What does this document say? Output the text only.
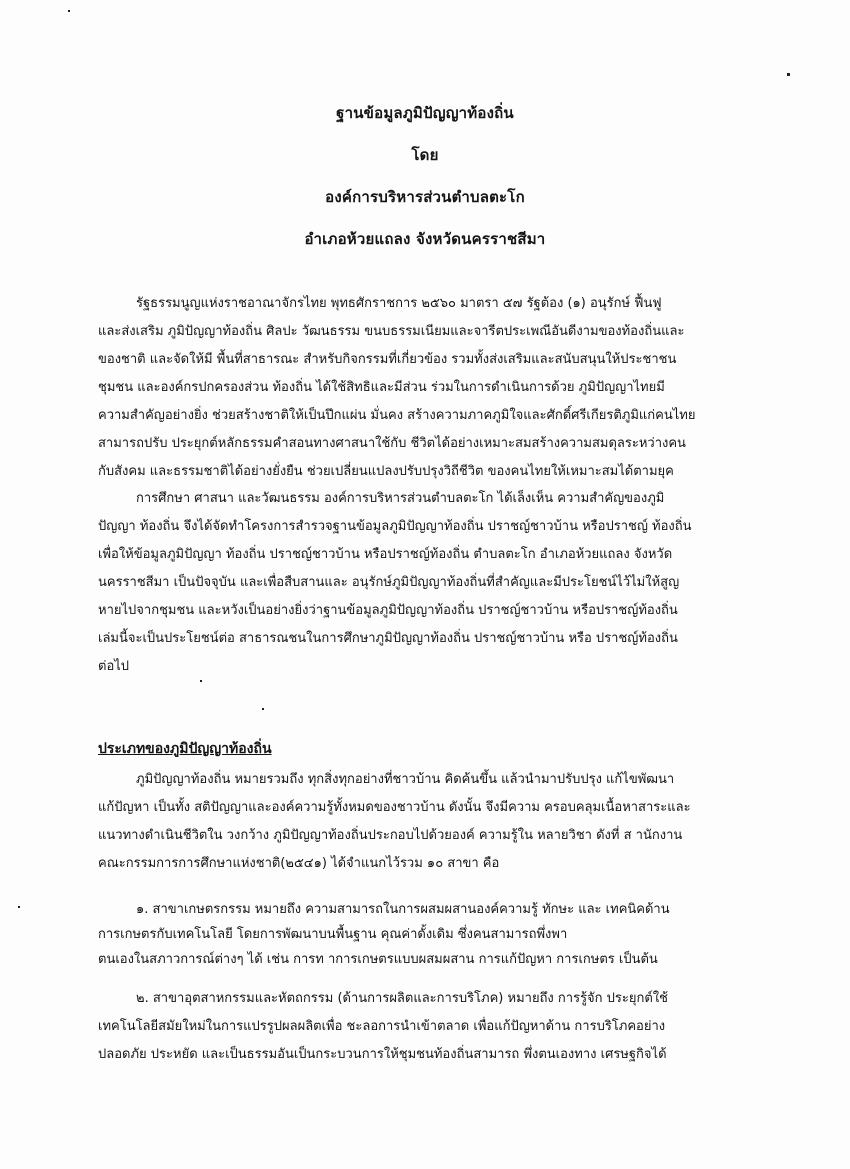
ฐานข้อมูลภูมิปัญญาท้องถิ่น
โดย
องค์การบริหารส่วนตำบลตะโก
อำเภอห้วยแถลง จังหวัดนครราชสีมา
รัฐธรรมนูญแห่งราชอาณาจักรไทย พุทธศักราชการ ๒๕๖๐ มาตรา ๕๗ รัฐต้อง (๑) อนุรักษ์ ฟื้นฟู
และส่งเสริม ภูมิปัญญาท้องถิ่น ศิลปะ วัฒนธรรม ขนบธรรมเนียมและจารีตประเพณีอันดีงามของท้องถิ่นและ
ของชาติ และจัดให้มี พื้นที่สาธารณะ สำหรับกิจกรรมที่เกี่ยวข้อง รวมทั้งส่งเสริมและสนับสนุนให้ประชาชน
ชุมชน และองค์กรปกครองส่วน ท้องถิ่น ได้ใช้สิทธิและมีส่วน ร่วมในการดำเนินการด้วย ภูมิปัญญาไทยมี
ความสำคัญอย่างยิ่ง ช่วยสร้างชาติให้เป็นปึกแผ่น มั่นคง สร้างความภาคภูมิใจและศักดิ์ศรีเกียรติภูมิแก่คนไทย
สามารถปรับ ประยุกต์หลักธรรมคำสอนทางศาสนาใช้กับ ชีวิตได้อย่างเหมาะสมสร้างความสมดุลระหว่างคน
กับสังคม และธรรมชาติได้อย่างยั่งยืน ช่วยเปลี่ยนแปลงปรับปรุงวิถีชีวิต ของคนไทยให้เหมาะสมได้ตามยุค
การศึกษา ศาสนา และวัฒนธรรม องค์การบริหารส่วนตำบลตะโก ได้เล็งเห็น ความสำคัญของภูมิ
ปัญญา ท้องถิ่น จึงได้จัดทำโครงการสำรวจฐานข้อมูลภูมิปัญญาท้องถิ่น ปราชญ์ชาวบ้าน หรือปราชญ์ ท้องถิ่น
เพื่อให้ข้อมูลภูมิปัญญา ท้องถิ่น ปราชญ์ชาวบ้าน หรือปราชญ์ท้องถิ่น ตำบลตะโก อำเภอห้วยแถลง จังหวัด
นครราชสีมา เป็นปัจจุบัน และเพื่อสืบสานและ อนุรักษ์ภูมิปัญญาท้องถิ่นที่สำคัญและมีประโยชน์ไว้ไม่ให้สูญ
หายไปจากชุมชน และหวังเป็นอย่างยิ่งว่าฐานข้อมูลภูมิปัญญาท้องถิ่น ปราชญ์ชาวบ้าน หรือปราชญ์ท้องถิ่น
เล่มนี้จะเป็นประโยชน์ต่อ สาธารณชนในการศึกษาภูมิปัญญาท้องถิ่น ปราชญ์ชาวบ้าน หรือ ปราชญ์ท้องถิ่น
ต่อไป
ประเภทของภูมิปัญญาท้องถิ่น
ภูมิปัญญาท้องถิ่น หมายรวมถึง ทุกสิ่งทุกอย่างที่ชาวบ้าน คิดค้นขึ้น แล้วนำมาปรับปรุง แก้ไขพัฒนา
แก้ปัญหา เป็นทั้ง สติปัญญาและองค์ความรู้ทั้งหมดของชาวบ้าน ดังนั้น จึงมีความ ครอบคลุมเนื้อหาสาระและ
แนวทางดำเนินชีวิตใน วงกว้าง ภูมิปัญญาท้องถิ่นประกอบไปด้วยองค์ ความรู้ใน หลายวิชา ดังที่ ส านักงาน
คณะกรรมการการศึกษาแห่งชาติ(๒๕๔๑) ได้จำแนกไว้รวม ๑๐ สาขา คือ
๑. สาขาเกษตรกรรม หมายถึง ความสามารถในการผสมผสานองค์ความรู้ ทักษะ และ เทคนิคด้าน
การเกษตรกับเทคโนโลยี โดยการพัฒนาบนพื้นฐาน คุณค่าดั้งเดิม ซึ่งคนสามารถพึ่งพา
ตนเองในสภาวการณ์ต่างๆ ได้ เช่น การท าการเกษตรแบบผสมผสาน การแก้ปัญหา การเกษตร เป็นต้น
๒. สาขาอุตสาหกรรมและหัตถกรรม (ด้านการผลิตและการบริโภค) หมายถึง การรู้จัก ประยุกต์ใช้
เทคโนโลยีสมัยใหม่ในการแปรรูปผลผลิตเพื่อ ชะลอการนำเข้าตลาด เพื่อแก้ปัญหาด้าน การบริโภคอย่าง
ปลอดภัย ประหยัด และเป็นธรรมอันเป็นกระบวนการให้ชุมชนท้องถิ่นสามารถ พึ่งตนเองทาง เศรษฐกิจได้
